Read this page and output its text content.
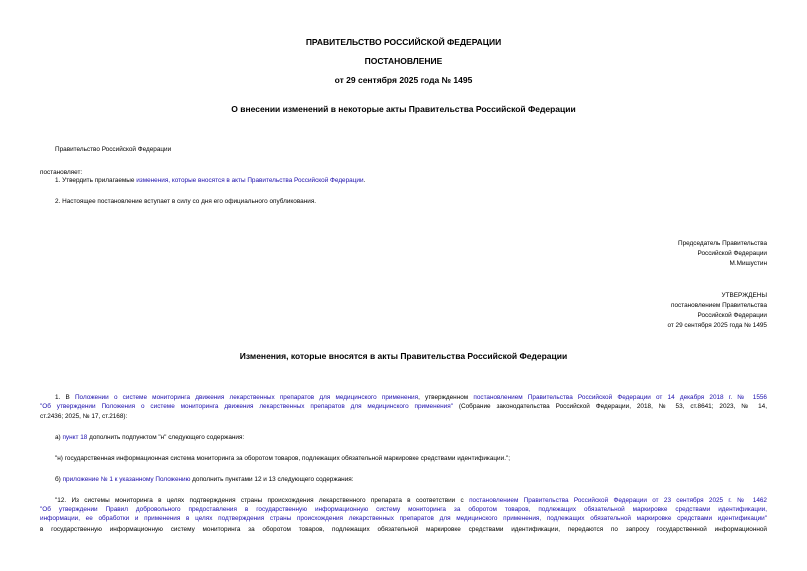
ПРАВИТЕЛЬСТВО РОССИЙСКОЙ ФЕДЕРАЦИИ
ПОСТАНОВЛЕНИЕ
от 29 сентября 2025 года № 1495
О внесении изменений в некоторые акты Правительства Российской Федерации
Правительство Российской Федерации
постановляет:
1. Утвердить прилагаемые изменения, которые вносятся в акты Правительства Российской Федерации.
2. Настоящее постановление вступает в силу со дня его официального опубликования.
Председатель Правительства
Российской Федерации
М.Мишустин
УТВЕРЖДЕНЫ
постановлением Правительства
Российской Федерации
от 29 сентября 2025 года № 1495
Изменения, которые вносятся в акты Правительства Российской Федерации
1. В Положении о системе мониторинга движения лекарственных препаратов для медицинского применения, утвержденном постановлением Правительства Российской Федерации от 14 декабря 2018 г. № 1556
"Об утверждении Положения о системе мониторинга движения лекарственных препаратов для медицинского применения" (Собрание законодательства Российской Федерации, 2018, № 53, ст.8641; 2023, № 14,
ст.2436; 2025, № 17, ст.2168):
а) пункт 18 дополнить подпунктом "н" следующего содержания:
"н) государственная информационная система мониторинга за оборотом товаров, подлежащих обязательной маркировке средствами идентификации.";
б) приложение № 1 к указанному Положению дополнить пунктами 12 и 13 следующего содержания:
"12. Из системы мониторинга в целях подтверждения страны происхождения лекарственного препарата в соответствии с постановлением Правительства Российской Федерации от 23 сентября 2025 г. № 1462
"Об утверждении Правил добровольного предоставления в государственную информационную систему мониторинга за оборотом товаров, подлежащих обязательной маркировке средствами идентификации,
информации, ее обработки и применения в целях подтверждения страны происхождения лекарственных препаратов для медицинского применения, подлежащих обязательной маркировке средствами идентификации"
в государственную информационную систему мониторинга за оборотом товаров, подлежащих обязательной маркировке средствами идентификации, передаются по запросу государственной информационной
